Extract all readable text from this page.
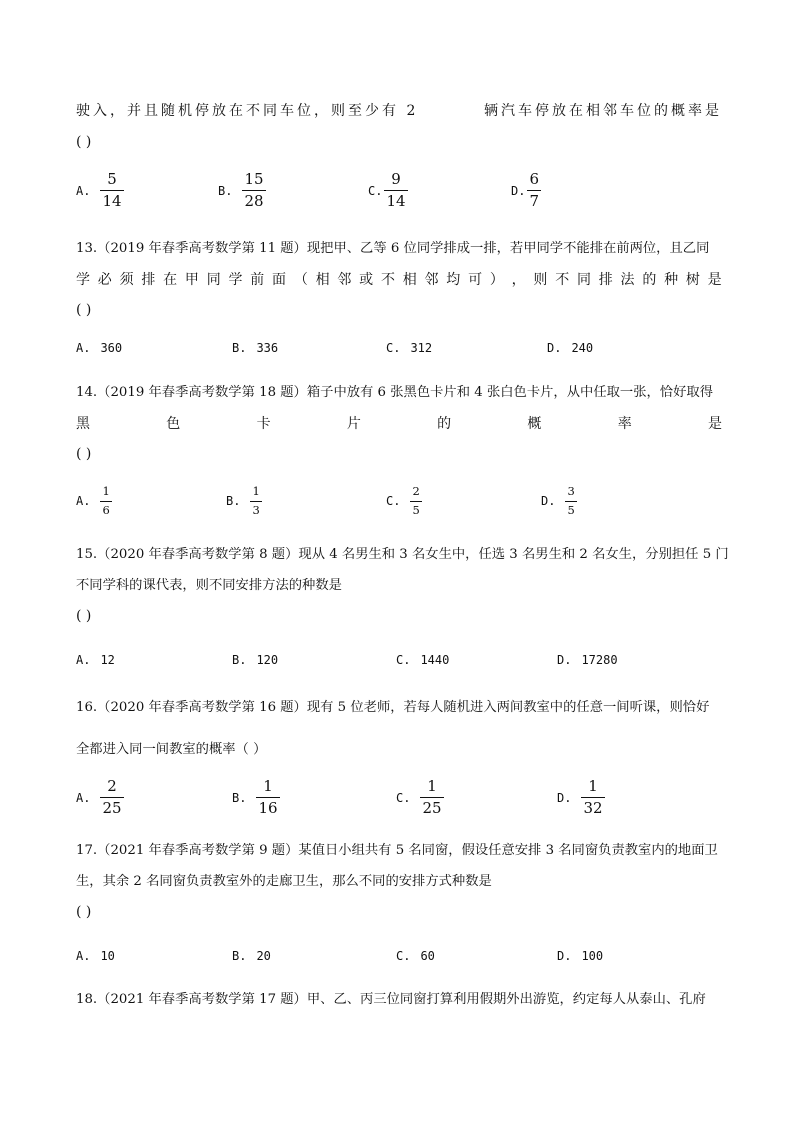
驶入，并且随机停放在不同车位，则至少有 2	辆汽车停放在相邻车位的概率是
( )
A. $\frac{5}{14}$	B. $\frac{15}{28}$	C. $\frac{9}{14}$	D. $\frac{6}{7}$
13.（2019 年春季高考数学第 11 题）现把甲、乙等 6 位同学排成一排，若甲同学不能排在前两位，且乙同
学 必 须 排 在 甲 同 学 前 面 （ 相 邻 或 不 相 邻 均 可 ） ， 则 不 同 排 法 的 种 树 是
( )
A. 360	B. 336	C. 312	D. 240
14.（2019 年春季高考数学第 18 题）箱子中放有 6 张黑色卡片和 4 张白色卡片，从中任取一张，恰好取得
黑	色	卡	片	的	概	率	是
( )
A. $\frac{1}{6}$	B. $\frac{1}{3}$	C. $\frac{2}{5}$	D. $\frac{3}{5}$
15.（2020 年春季高考数学第 8 题）现从 4 名男生和 3 名女生中，任选 3 名男生和 2 名女生，分别担任 5 门
不同学科的课代表，则不同安排方法的种数是
( )
A. 12	B. 120	C. 1440	D. 17280
16.（2020 年春季高考数学第 16 题）现有 5 位老师，若每人随机进入两间教室中的任意一间听课，则恰好
全都进入同一间教室的概率（ ）
A. $\frac{2}{25}$	B. $\frac{1}{16}$	C. $\frac{1}{25}$	D. $\frac{1}{32}$
17.（2021 年春季高考数学第 9 题）某值日小组共有 5 名同窗，假设任意安排 3 名同窗负责教室内的地面卫
生，其余 2 名同窗负责教室外的走廊卫生，那么不同的安排方式种数是
( )
A. 10	B. 20	C. 60	D. 100
18.（2021 年春季高考数学第 17 题）甲、乙、丙三位同窗打算利用假期外出游览，约定每人从泰山、孔府
